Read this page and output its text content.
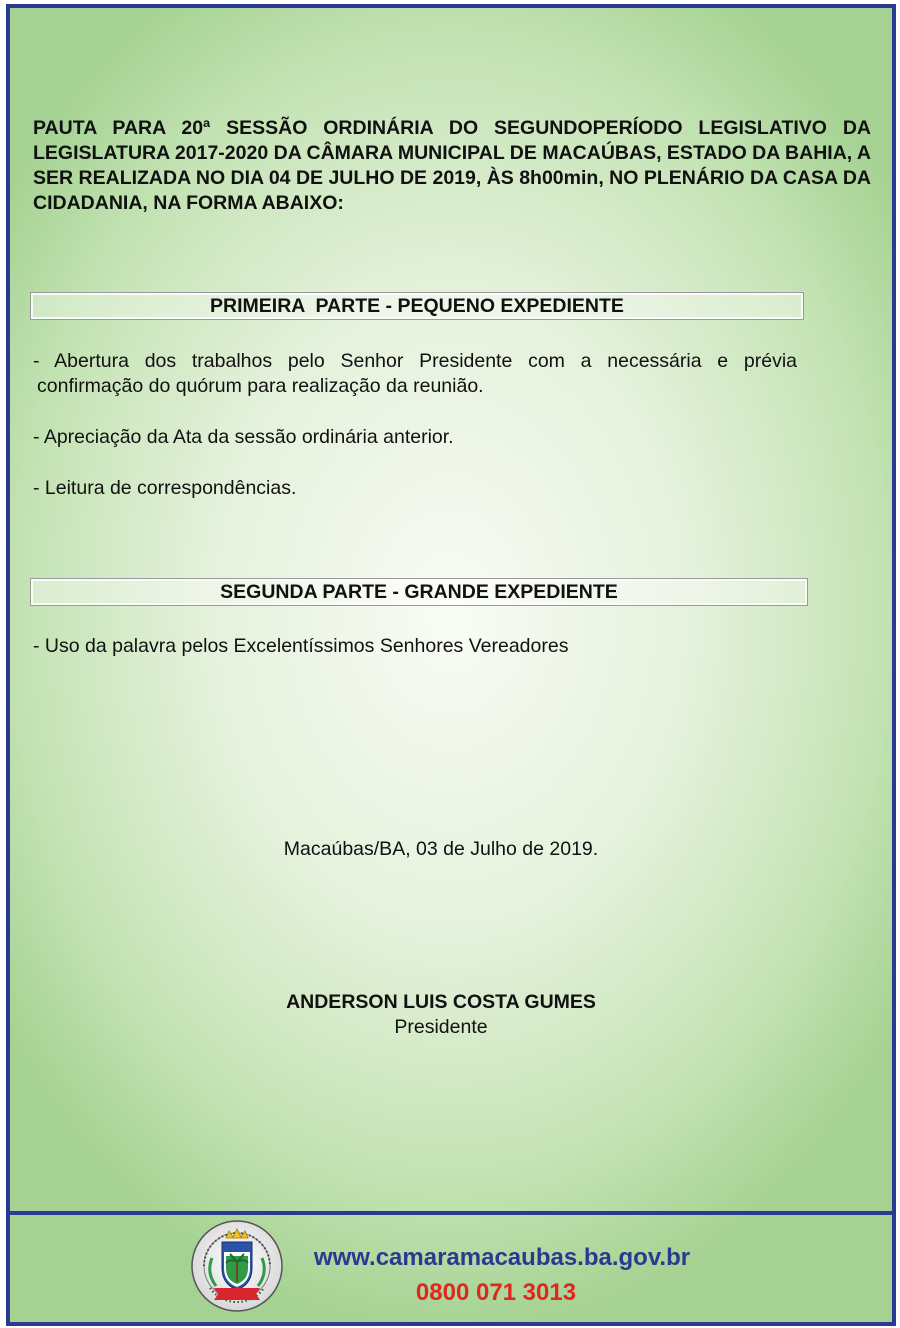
PAUTA PARA 20ª SESSÃO ORDINÁRIA DO SEGUNDOPERÍODO LEGISLATIVO DA LEGISLATURA 2017-2020 DA CÂMARA MUNICIPAL DE MACAÚBAS, ESTADO DA BAHIA, A SER REALIZADA NO DIA 04 DE JULHO DE 2019, ÀS 8h00min, NO PLENÁRIO DA CASA DA CIDADANIA, NA FORMA ABAIXO:
PRIMEIRA  PARTE - PEQUENO EXPEDIENTE
- Abertura dos trabalhos pelo Senhor Presidente com a necessária e prévia
confirmação do quórum para realização da reunião.
- Apreciação da Ata da sessão ordinária anterior.
- Leitura de correspondências.
SEGUNDA PARTE - GRANDE EXPEDIENTE
- Uso da palavra pelos Excelentíssimos Senhores Vereadores
Macaúbas/BA, 03 de Julho de 2019.
ANDERSON LUIS COSTA GUMES
Presidente
www.camaramacaubas.ba.gov.br
0800 071 3013
